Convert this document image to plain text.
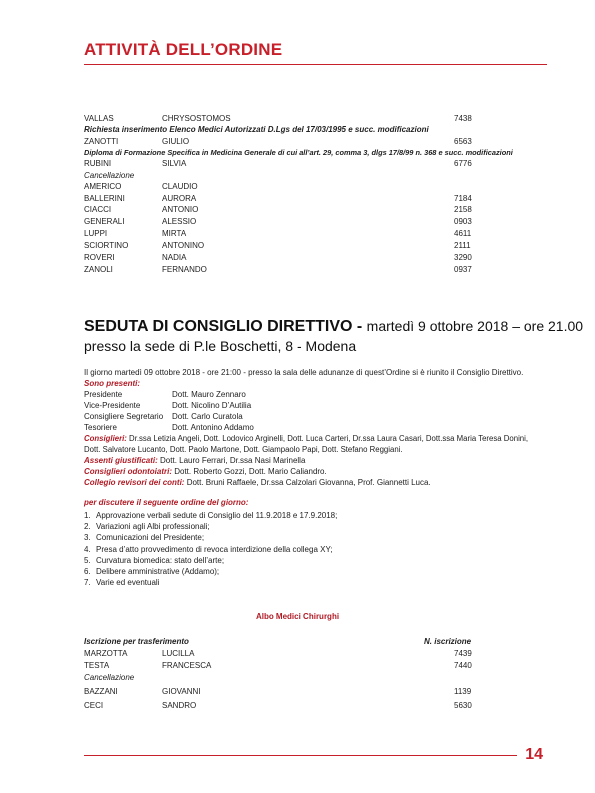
ATTIVITÀ DELL’ORDINE
VALLAS	CHRYSOSTOMOS	7438
Richiesta inserimento Elenco Medici Autorizzati D.Lgs del 17/03/1995 e succ. modificazioni
ZANOTTI	GIULIO	6563
Diploma di Formazione Specifica in Medicina Generale di cui all’art. 29, comma 3, dlgs 17/8/99 n. 368 e succ. modificazioni
RUBINI	SILVIA	6776
Cancellazione
AMERICO	CLAUDIO
BALLERINI	AURORA	7184
CIACCI	ANTONIO	2158
GENERALI	ALESSIO	0903
LUPPI	MIRTA	4611
SCIORTINO	ANTONINO	2111
ROVERI	NADIA	3290
ZANOLI	FERNANDO	0937
SEDUTA DI CONSIGLIO DIRETTIVO - martedì 9 ottobre 2018 – ore 21.00
presso la sede di P.le Boschetti, 8 - Modena
Il giorno martedì 09 ottobre 2018 - ore 21:00 - presso la sala delle adunanze di quest’Ordine si è riunito il Consiglio Direttivo.
Sono presenti:
Presidente	Dott. Mauro Zennaro
Vice-Presidente	Dott. Nicolino D’Autilia
Consigliere Segretario Dott. Carlo Curatola
Tesoriere	Dott. Antonino Addamo
Consiglieri: Dr.ssa Letizia Angeli, Dott. Lodovico Arginelli, Dott. Luca Carteri, Dr.ssa Laura Casari, Dott.ssa Maria Teresa Donini, Dott. Salvatore Lucanto, Dott. Paolo Martone, Dott. Giampaolo Papi, Dott. Stefano Reggiani.
Assenti giustificati: Dott. Lauro Ferrari, Dr.ssa Nasi Marinella
Consiglieri odontoiatri: Dott. Roberto Gozzi, Dott. Mario Caliandro.
Collegio revisori dei conti: Dott. Bruni Raffaele, Dr.ssa Calzolari Giovanna, Prof. Giannetti Luca.
per discutere il seguente ordine del giorno:
1. Approvazione verbali sedute di Consiglio del 11.9.2018 e 17.9.2018;
2. Variazioni agli Albi professionali;
3. Comunicazioni del Presidente;
4. Presa d’atto provvedimento di revoca interdizione della collega XY;
5. Curvatura biomedica: stato dell’arte;
6. Delibere amministrative (Addamo);
7. Varie ed eventuali
Albo Medici Chirurghi
Iscrizione per trasferimento	N. iscrizione
MARZOTTA	LUCILLA	7439
TESTA	FRANCESCA	7440
Cancellazione
BAZZANI	GIOVANNI	1139
CECI	SANDRO	5630
14
